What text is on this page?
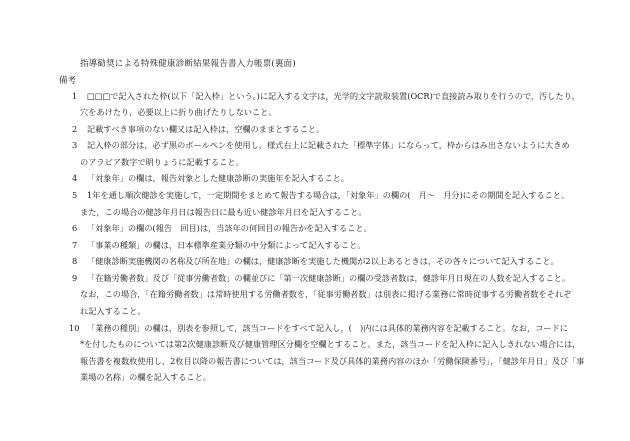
指導勧奨による特殊健康診断結果報告書入力帳票(裏面)
備考
1 □□□で記入された枠(以下「記入枠」という。)に記入する文字は，光学的文字読取装置(OCR)で直接読み取りを行うので，汚したり，
穴をあけたり，必要以上に折り曲げたりしないこと。
2 記載すべき事項のない欄又は記入枠は，空欄のままとすること。
3 記入枠の部分は，必ず黒のボールペンを使用し，様式右上に記載された「標準字体」にならって，枠からはみ出さないように大きめ
のアラビア数字で明りょうに記載すること。
4 「対象年」の欄は，報告対象とした健康診断の実施年を記入すること。
5 1年を通し順次健診を実施して，一定期間をまとめて報告する場合は，「対象年」の欄の(　月～　月分)にその期間を記入すること。
また，この場合の健診年月日は報告日に最も近い健診年月日を記入すること。
6 「対象年」の欄の(報告　回目)は，当該年の何回目の報告かを記入すること。
7 「事業の種類」の欄は，日本標準産業分類の中分類によって記入すること。
8 「健康診断実施機関の名称及び所在地」の欄は，健康診断を実施した機関が2以上あるときは，その各々について記入すること。
9 「在籍労働者数」及び「従事労働者数」の欄並びに「第一次健康診断」の欄の受診者数は，健診年月日現在の人数を記入すること。
なお，この場合，「在籍労働者数」は常時使用する労働者数を，「従事労働者数」は別表に掲げる業務に常時従事する労働者数をそれぞ
れ記入すること。
10 「業務の種別」の欄は，別表を参照して，該当コードをすべて記入し，(　)内には具体的業務内容を記載すること。なお，コードに
*を付したものについては第2次健康診断及び健康管理区分欄を空欄とすること。また，該当コードを記入枠に記入しきれない場合には，
報告書を複数枚使用し，2枚目以降の報告書については，該当コード及び具体的業務内容のほか「労働保険番号」，「健診年月日」及び「事
業場の名称」の欄を記入すること。
